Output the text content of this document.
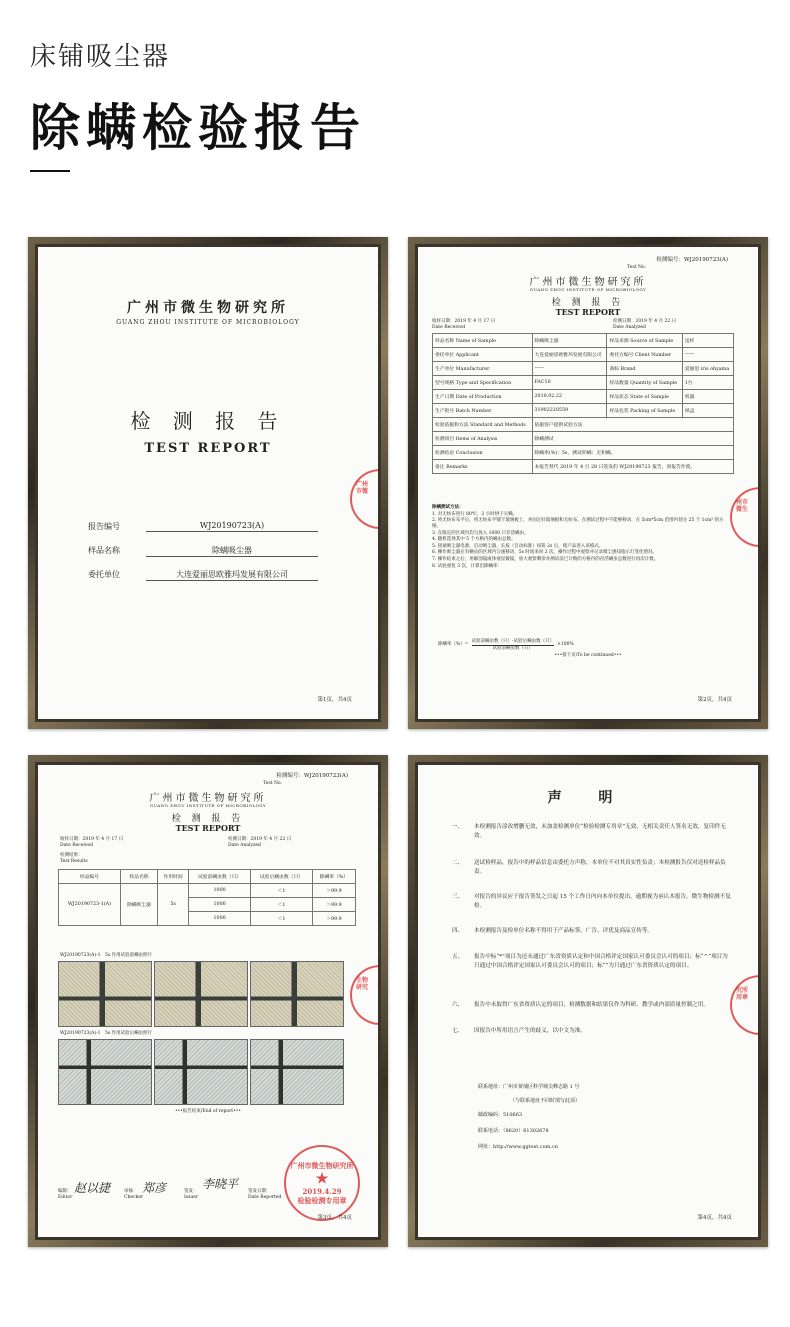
床铺吸尘器
除螨检验报告
广州市微生物研究所
GUANG ZHOU INSTITUTE OF MICROBIOLOGY
检 测 报 告
TEST REPORT
报告编号	WJ20190723(A)
样品名称	除螨吸尘器
委托单位	大连爱丽思欧雅玛发展有限公司
广州
市微
第1页，共4页
检测编号：WJ20190723(A)
Test No.
广州市微生物研究所
GUANG ZHOU INSTITUTE OF MICROBIOLOGY
检 测 报 告
TEST REPORT
收样日期：2019 年 4 月 17 日
Date Received
检测日期：2019 年 4 月 22 日
Date Analyzed
样品名称 Name of Sample	除螨吸尘器	样品来源 Source of Sample	送样
委托单位 Applicant	大连爱丽思欧雅玛发展有限公司	委托方编号 Client Number	——
生产单位 Manufacturer	——	商标 Brand	爱丽思 iris ohyama
型号规格 Type and Specification	FAC10	样品数量 Quantity of Sample	1台
生产日期 Date of Production	2019.02.22	样品状态 State of Sample	机器
生产批号 Batch Number	31902220559	样品包装 Packing of Sample	纸盒
检验依据和方法 Standard and Methods	依据客户提供试验方法		
检测项目 Items of Analysis	除螨测试		
检测结论 Conclusion	除螨率(%)：5s，测试积螨：无积螨。		
备注 Remarks	本报告替代 2019 年 4 月 28 日签发的 WJ20190723 报告，原报告作废。		

除螨测试方法：

1. 对无纺布进行 80℃，2 小时烘干灭螨。

2. 将无纺布布平后，将无纺布平铺于玻璃板上，并固定好玻璃板和无纺布，在测试过程中不能够移动，在 5cm*5cm 范围内划分 25 个 1cm² 的方格。

3. 在限定的区域内均匀放入 1000 只存活螨虫。

4. 随机选择其中 5 个方格内的螨虫总数。

5. 接通吸尘器电源，启动吸尘器，长按（自动标准）按钮 2s 后，使产品进入该模式。

6. 操作吸尘器在有螨虫的区域内匀速移动，5s 时间来回 2 次，操作过程中观察并记录微尘感知指示灯变化情况。

7. 操作结束之后，用解剖镜或体视显微镜，放大观察剩余并测试前已计数的方格内的存活螨虫总数进行再次计数。

8. 试验重复 3 次，计算出除螨率：

除螨率（%）=
试验前螨虫数（只）-试验后螨虫数（只）
试验前螨虫数（只）
×100%
•••接下页/To be continued•••
州市
微生
第2页，共4页
检测编号：WJ20190723(A)
Test No.
广州市微生物研究所
GUANG ZHOU INSTITUTE OF MICROBIOLOGY
检 测 报 告
TEST REPORT
收样日期：2019 年 4 月 17 日
Date Received
检测日期：2019 年 4 月 22 日
Date Analyzed
检测结果：
Test Results
样品编号	样品名称	作用时间	试验前螨虫数（只）	试验后螨虫数（只）	除螨率（%）
WJ20190723-1(A)	除螨吸尘器	5s	1000	＜1	＞99.9
			1000	＜1	＞99.9
			1000	＜1	＞99.9
WJ20190723(A)-1　5s 作用试验前螨虫照片
WJ20190723(A)-1　5s 作用试验后螨虫照片
•••报告结束/End of report•••
编制：
Editor
赵以捷	审核：
Checker
郑彦	签发：
Issuer
李晓平
签发日期：
Date Reported
广州市微生物研究所
★
2019.4.29
检验检测专用章
生物
研究
第3页，共4页
声 明
一、 本检测报告涂改增删无效，未加盖检测单位“检验检测专用章”无效，无相关责任人签名无效，复印件无效。
二、 送试检样品，报告中的样品信息由委托方声称，本单位不对其真实性负责；本检测报告仅对送检样品负责。
三、 对报告的异议应于报告签发之日起 15 个工作日内向本单位提出，逾期视为承认本报告，微生物检测不复检。
四、 本检测报告及检单位名称不得用于产品标签、广告、评优及商品宣传等。
五、 报告中标“*”项目为还未通过广东省资质认定和中国合格评定国家认可委员会认可的项目；标“^”项目为只通过中国合格评定国家认可委员会认可的项目；标“”为只通过广东省资质认定的项目。
六、 报告中未取得广东省资质认定的项目，检测数据和结果仅作为科研、教学或内部质量控制之用。
七、 因报告中所用语言产生的歧义，以中文为准。
联系地址：广州市黄埔区科学城尖峰志路 1 号
（与联系地址不同时填写此项）
邮政编码：510663
联系电话：（8620）61302678
网址：http://www.ggtest.com.cn
究所
用章
第4页，共4页
